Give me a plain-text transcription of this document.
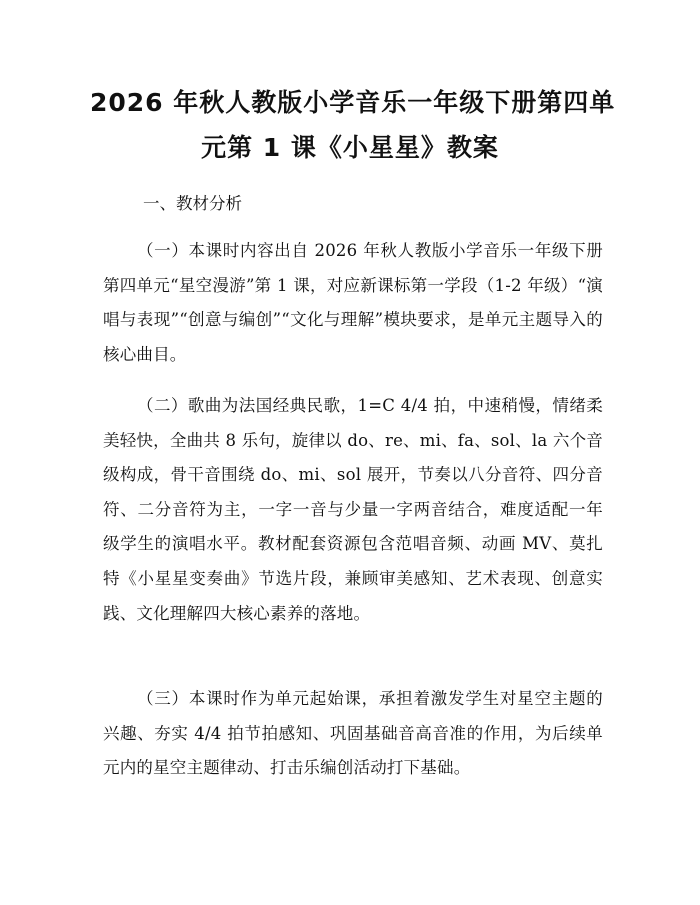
2026 年秋人教版小学音乐一年级下册第四单
元第 1 课《小星星》教案
一、教材分析
（一）本课时内容出自 2026 年秋人教版小学音乐一年级下册第四单元“星空漫游”第 1 课，对应新课标第一学段（1-2 年级）“演唱与表现”“创意与编创”“文化与理解”模块要求，是单元主题导入的核心曲目。
（二）歌曲为法国经典民歌，1=C 4/4 拍，中速稍慢，情绪柔美轻快，全曲共 8 乐句，旋律以 do、re、mi、fa、sol、la 六个音级构成，骨干音围绕 do、mi、sol 展开，节奏以八分音符、四分音符、二分音符为主，一字一音与少量一字两音结合，难度适配一年级学生的演唱水平。教材配套资源包含范唱音频、动画 MV、莫扎特《小星星变奏曲》节选片段，兼顾审美感知、艺术表现、创意实践、文化理解四大核心素养的落地。
（三）本课时作为单元起始课，承担着激发学生对星空主题的兴趣、夯实 4/4 拍节拍感知、巩固基础音高音准的作用，为后续单元内的星空主题律动、打击乐编创活动打下基础。
